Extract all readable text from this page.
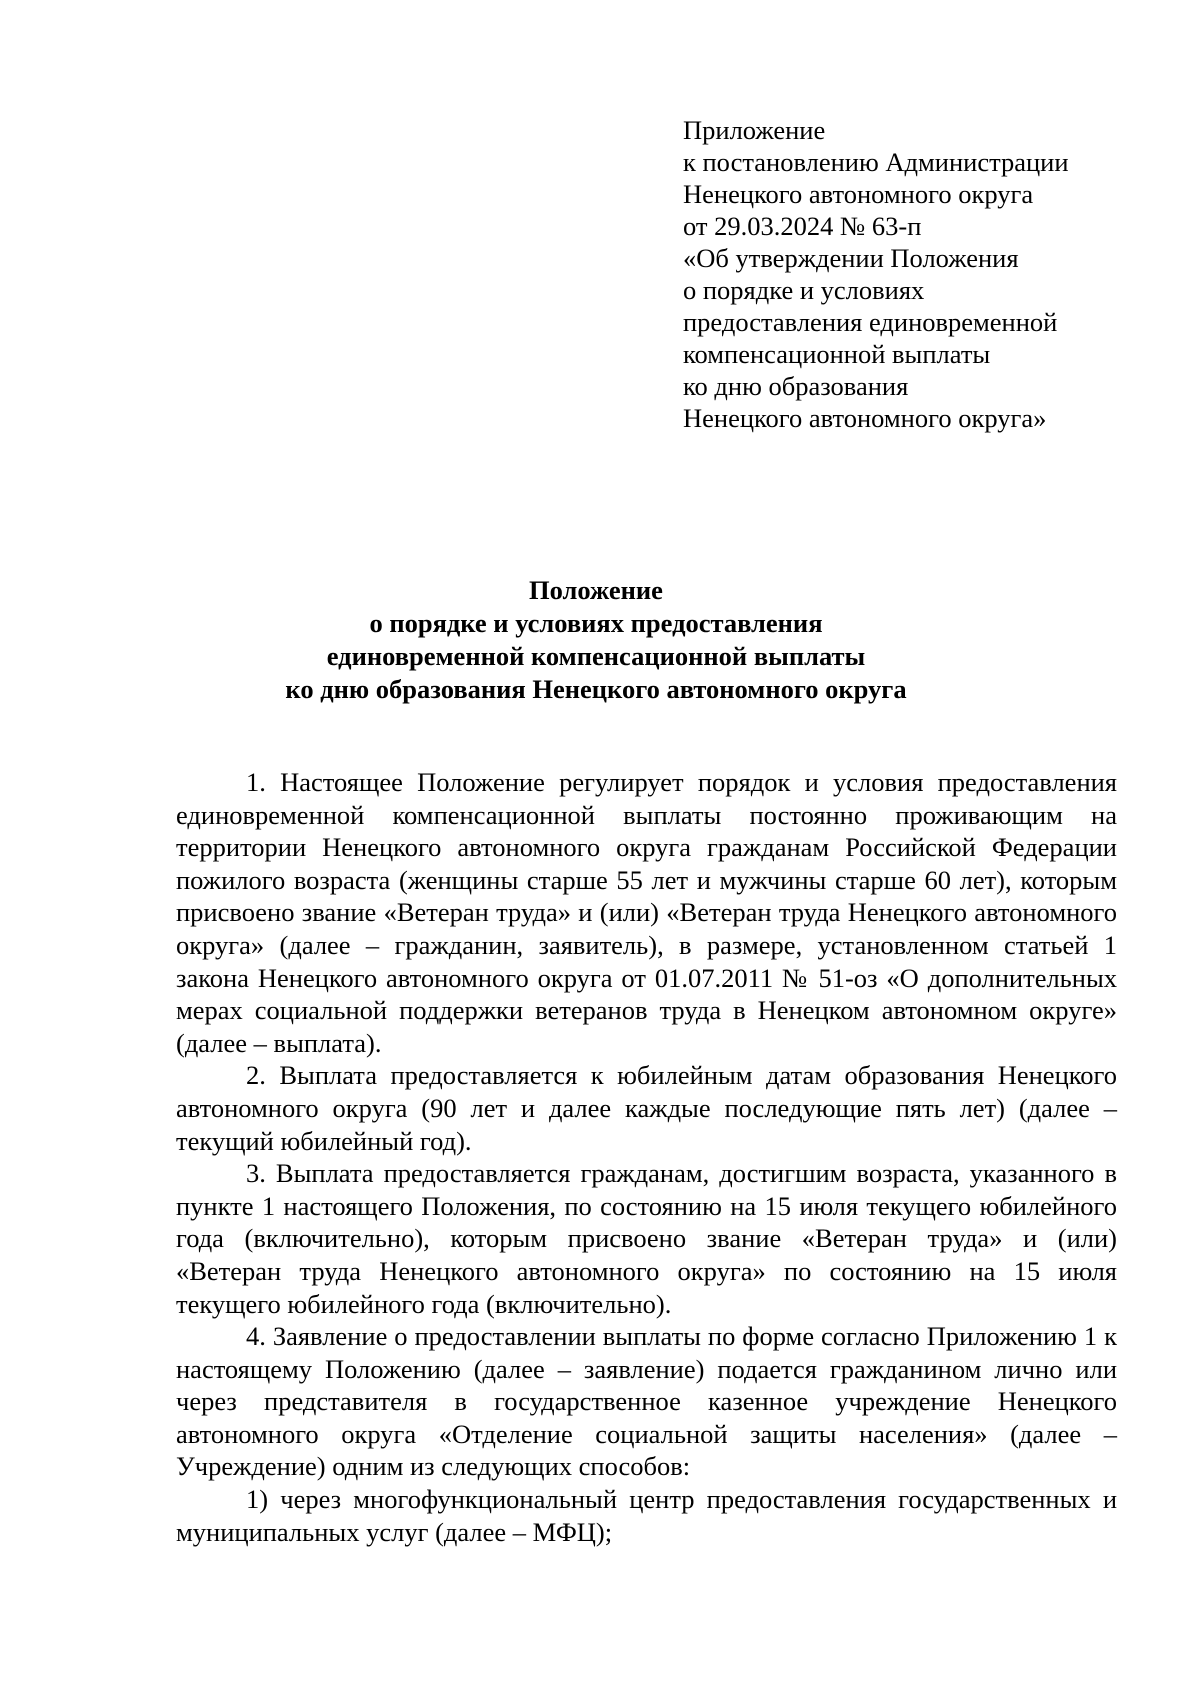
Приложение
к постановлению Администрации
Ненецкого автономного округа
от 29.03.2024 № 63-п
«Об утверждении Положения
о порядке и условиях
предоставления единовременной
компенсационной выплаты
ко дню образования
Ненецкого автономного округа»
Положение
о порядке и условиях предоставления
единовременной компенсационной выплаты
ко дню образования Ненецкого автономного округа

1. Настоящее Положение регулирует порядок и условия предоставления единовременной компенсационной выплаты постоянно проживающим на территории Ненецкого автономного округа гражданам Российской Федерации пожилого возраста (женщины старше 55 лет и мужчины старше 60 лет), которым присвоено звание «Ветеран труда» и (или) «Ветеран труда Ненецкого автономного округа» (далее – гражданин, заявитель), в размере, установленном статьей 1 закона Ненецкого автономного округа от 01.07.2011 № 51-оз «О дополнительных мерах социальной поддержки ветеранов труда в Ненецком автономном округе» (далее – выплата).

2. Выплата предоставляется к юбилейным датам образования Ненецкого автономного округа (90 лет и далее каждые последующие пять лет) (далее – текущий юбилейный год).

3. Выплата предоставляется гражданам, достигшим возраста, указанного в пункте 1 настоящего Положения, по состоянию на 15 июля текущего юбилейного года (включительно), которым присвоено звание «Ветеран труда» и (или) «Ветеран труда Ненецкого автономного округа» по состоянию на 15 июля текущего юбилейного года (включительно).

4. Заявление о предоставлении выплаты по форме согласно Приложению 1 к настоящему Положению (далее – заявление) подается гражданином лично или через представителя в государственное казенное учреждение Ненецкого автономного округа «Отделение социальной защиты населения» (далее – Учреждение) одним из следующих способов:

1) через многофункциональный центр предоставления государственных и муниципальных услуг (далее – МФЦ);
